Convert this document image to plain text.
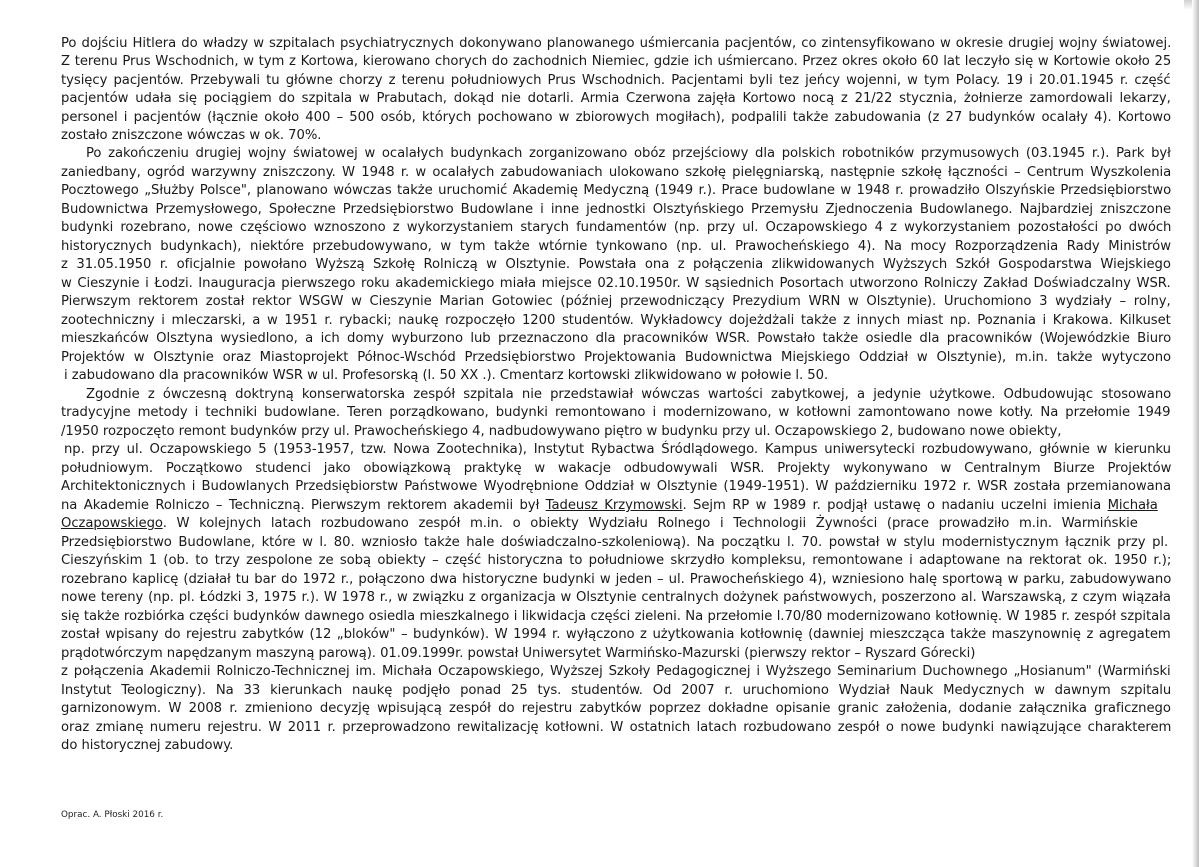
Po dojściu Hitlera do władzy w szpitalach psychiatrycznych dokonywano planowanego uśmiercania pacjentów, co zintensyfikowano w okresie drugiej wojny światowej.
Z terenu Prus Wschodnich, w tym z Kortowa, kierowano chorych do zachodnich Niemiec, gdzie ich uśmiercano. Przez okres około 60 lat leczyło się w Kortowie około 25
tysięcy pacjentów. Przebywali tu główne chorzy z terenu południowych Prus Wschodnich. Pacjentami byli tez jeńcy wojenni, w tym Polacy. 19 i 20.01.1945 r. część
pacjentów udała się pociągiem do szpitala w Prabutach, dokąd nie dotarli. Armia Czerwona zajęła Kortowo nocą z 21/22 stycznia, żołnierze zamordowali lekarzy,
personel i pacjentów (łącznie około 400 – 500 osób, których pochowano w zbiorowych mogiłach), podpalili także zabudowania (z 27 budynków ocalały 4). Kortowo
zostało zniszczone wówczas w ok. 70%.
Po zakończeniu drugiej wojny światowej w ocalałych budynkach zorganizowano obóz przejściowy dla polskich robotników przymusowych (03.1945 r.). Park był
zaniedbany, ogród warzywny zniszczony. W 1948 r. w ocalałych zabudowaniach ulokowano szkołę pielęgniarską, następnie szkołę łączności – Centrum Wyszkolenia
Pocztowego „Służby Polsce", planowano wówczas także uruchomić Akademię Medyczną (1949 r.). Prace budowlane w 1948 r. prowadziło Olszyńskie Przedsiębiorstwo
Budownictwa Przemysłowego, Społeczne Przedsiębiorstwo Budowlane i inne jednostki Olsztyńskiego Przemysłu Zjednoczenia Budowlanego. Najbardziej zniszczone
budynki rozebrano, nowe częściowo wznoszono z wykorzystaniem starych fundamentów (np. przy ul. Oczapowskiego 4 z wykorzystaniem pozostałości po dwóch
historycznych budynkach), niektóre przebudowywano, w tym także wtórnie tynkowano (np. ul. Prawocheńskiego 4). Na mocy Rozporządzenia Rady Ministrów
z 31.05.1950 r. oficjalnie powołano Wyższą Szkołę Rolniczą w Olsztynie. Powstała ona z połączenia zlikwidowanych Wyższych Szkół Gospodarstwa Wiejskiego
w Cieszynie i Łodzi. Inauguracja pierwszego roku akademickiego miała miejsce 02.10.1950r. W sąsiednich Posortach utworzono Rolniczy Zakład Doświadczalny WSR.
Pierwszym rektorem został rektor WSGW w Cieszynie Marian Gotowiec (później przewodniczący Prezydium WRN w Olsztynie). Uruchomiono 3 wydziały – rolny,
zootechniczny i mleczarski, a w 1951 r. rybacki; naukę rozpoczęło 1200 studentów. Wykładowcy dojeżdżali także z innych miast np. Poznania i Krakowa. Kilkuset
mieszkańców Olsztyna wysiedlono, a ich domy wyburzono lub przeznaczono dla pracowników WSR. Powstało także osiedle dla pracowników (Wojewódzkie Biuro
Projektów w Olsztynie oraz Miastoprojekt Północ-Wschód Przedsiębiorstwo Projektowania Budownictwa Miejskiego Oddział w Olsztynie), m.in. także wytyczono
i zabudowano dla pracowników WSR w ul. Profesorską (l. 50 XX .). Cmentarz kortowski zlikwidowano w połowie l. 50.
Zgodnie z ówczesną doktryną konserwatorska zespół szpitala nie przedstawiał wówczas wartości zabytkowej, a jedynie użytkowe. Odbudowując stosowano
tradycyjne metody i techniki budowlane. Teren porządkowano, budynki remontowano i modernizowano, w kotłowni zamontowano nowe kotły. Na przełomie 1949
/1950 rozpoczęto remont budynków przy ul. Prawocheńskiego 4, nadbudowywano piętro w budynku przy ul. Oczapowskiego 2, budowano nowe obiekty,
np. przy ul. Oczapowskiego 5 (1953-1957, tzw. Nowa Zootechnika), Instytut Rybactwa Śródlądowego. Kampus uniwersytecki rozbudowywano, głównie w kierunku
południowym. Początkowo studenci jako obowiązkową praktykę w wakacje odbudowywali WSR. Projekty wykonywano w Centralnym Biurze Projektów
Architektonicznych i Budowlanych Przedsiębiorstw Państwowe Wyodrębnione Oddział w Olsztynie (1949-1951). W październiku 1972 r. WSR została przemianowana
na Akademie Rolniczo – Techniczną. Pierwszym rektorem akademii był Tadeusz Krzymowski. Sejm RP w 1989 r. podjął ustawę o nadaniu uczelni imienia Michała
Oczapowskiego. W kolejnych latach rozbudowano zespół m.in. o obiekty Wydziału Rolnego i Technologii Żywności (prace prowadziło m.in. Warmińskie
Przedsiębiorstwo Budowlane, które w l. 80. wzniosło także hale doświadczalno-szkoleniową). Na początku l. 70. powstał w stylu modernistycznym łącznik przy pl.
Cieszyńskim 1 (ob. to trzy zespolone ze sobą obiekty – część historyczna to południowe skrzydło kompleksu, remontowane i adaptowane na rektorat ok. 1950 r.);
rozebrano kaplicę (działał tu bar do 1972 r., połączono dwa historyczne budynki w jeden – ul. Prawocheńskiego 4), wzniesiono halę sportową w parku, zabudowywano
nowe tereny (np. pl. Łódzki 3, 1975 r.). W 1978 r., w związku z organizacja w Olsztynie centralnych dożynek państwowych, poszerzono al. Warszawską, z czym wiązała
się także rozbiórka części budynków dawnego osiedla mieszkalnego i likwidacja części zieleni. Na przełomie l.70/80 modernizowano kotłownię. W 1985 r. zespół szpitala
został wpisany do rejestru zabytków (12 „bloków" – budynków). W 1994 r. wyłączono z użytkowania kotłownię (dawniej mieszcząca także maszynownię z agregatem
prądotwórczym napędzanym maszyną parową). 01.09.1999r. powstał Uniwersytet Warmińsko-Mazurski (pierwszy rektor – Ryszard Górecki)
z połączenia Akademii Rolniczo-Technicznej im. Michała Oczapowskiego, Wyższej Szkoły Pedagogicznej i Wyższego Seminarium Duchownego „Hosianum" (Warmiński
Instytut Teologiczny). Na 33 kierunkach naukę podjęło ponad 25 tys. studentów. Od 2007 r. uruchomiono Wydział Nauk Medycznych w dawnym szpitalu
garnizonowym. W 2008 r. zmieniono decyzję wpisującą zespół do rejestru zabytków poprzez dokładne opisanie granic założenia, dodanie załącznika graficznego
oraz zmianę numeru rejestru. W 2011 r. przeprowadzono rewitalizację kotłowni. W ostatnich latach rozbudowano zespół o nowe budynki nawiązujące charakterem
do historycznej zabudowy.
Oprac. A. Płoski 2016 r.
